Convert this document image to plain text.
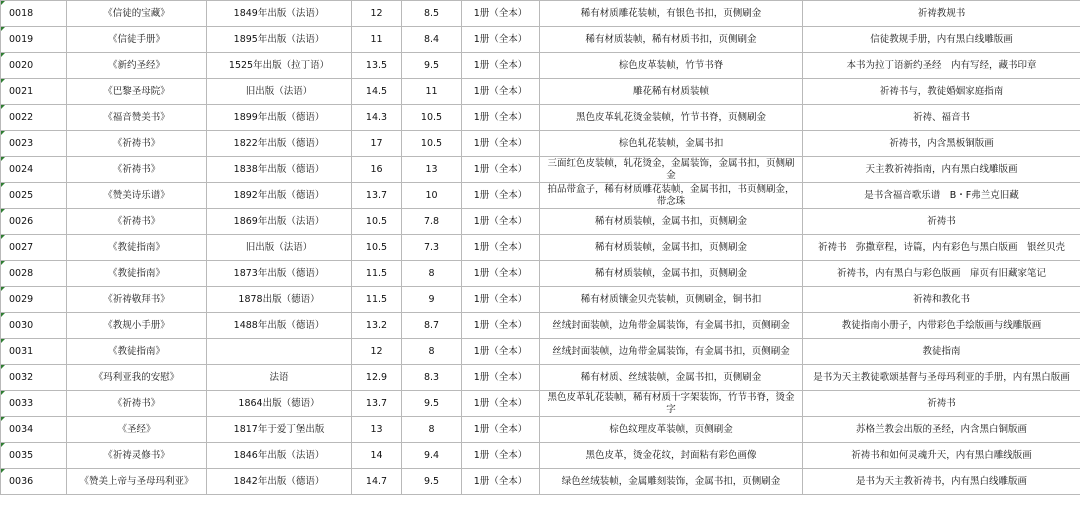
0018	《信徒的宝藏》	1849年出版（法语）	12	8.5	1册（全本）	稀有材质雕花装帧，有银色书扣，页侧刷金	祈祷教规书

0019	《信徒手册》	1895年出版（法语）	11	8.4	1册（全本）	稀有材质装帧，稀有材质书扣，页侧刷金	信徒教规手册，内有黑白线雕版画

0020	《新约圣经》	1525年出版（拉丁语）	13.5	9.5	1册（全本）	棕色皮革装帧，竹节书脊	本书为拉丁语新约圣经　内有写经，藏书印章

0021	《巴黎圣母院》	旧出版（法语）	14.5	11	1册（全本）	雕花稀有材质装帧	祈祷书与，教徒婚姻家庭指南

0022	《福音赞美书》	1899年出版（德语）	14.3	10.5	1册（全本）	黑色皮革轧花烫金装帧，竹节书脊，页侧刷金	祈祷、福音书

0023	《祈祷书》	1822年出版（德语）	17	10.5	1册（全本）	棕色轧花装帧，金属书扣	祈祷书，内含黑板铜版画

0024	《祈祷书》	1838年出版（德语）	16	13	1册（全本）	三面红色皮装帧，轧花烫金，金属装饰，金属书扣，页侧刷金	天主教祈祷指南，内有黑白线雕版画

0025	《赞美诗乐谱》	1892年出版（德语）	13.7	10	1册（全本）	拍品带盒子，稀有材质雕花装帧，金属书扣，书页侧刷金，带念珠	是书含福音歌乐谱　B・F弗兰克旧藏

0026	《祈祷书》	1869年出版（法语）	10.5	7.8	1册（全本）	稀有材质装帧，金属书扣，页侧刷金	祈祷书

0027	《教徒指南》	旧出版（法语）	10.5	7.3	1册（全本）	稀有材质装帧，金属书扣，页侧刷金	祈祷书　弥撒章程，诗篇，内有彩色与黑白版画　银丝贝壳

0028	《教徒指南》	1873年出版（德语）	11.5	8	1册（全本）	稀有材质装帧，金属书扣，页侧刷金	祈祷书，内有黑白与彩色版画　扉页有旧藏家笔记

0029	《祈祷敬拜书》	1878出版（德语）	11.5	9	1册（全本）	稀有材质镶金贝壳装帧，页侧刷金，铜书扣	祈祷和教化书

0030	《教规小手册》	1488年出版（德语）	13.2	8.7	1册（全本）	丝绒封面装帧，边角带金属装饰，有金属书扣，页侧刷金	教徒指南小册子，内带彩色手绘版画与线雕版画

0031	《教徒指南》		12	8	1册（全本）	丝绒封面装帧，边角带金属装饰，有金属书扣，页侧刷金	教徒指南

0032	《玛利亚我的安慰》	法语	12.9	8.3	1册（全本）	稀有材质、丝绒装帧，金属书扣，页侧刷金	是书为天主教徒歌颂基督与圣母玛利亚的手册，内有黑白版画

0033	《祈祷书》	1864出版（德语）	13.7	9.5	1册（全本）	黑色皮革轧花装帧，稀有材质十字架装饰，竹节书脊，烫金字	祈祷书

0034	《圣经》	1817年于爱丁堡出版	13	8	1册（全本）	棕色纹理皮革装帧，页侧刷金	苏格兰教会出版的圣经，内含黑白铜版画

0035	《祈祷灵修书》	1846年出版（法语）	14	9.4	1册（全本）	黑色皮革，烫金花纹，封面粘有彩色画像	祈祷书和如何灵魂升天，内有黑白雕线版画

0036	《赞美上帝与圣母玛利亚》	1842年出版（德语）	14.7	9.5	1册（全本）	绿色丝绒装帧，金属雕刻装饰，金属书扣，页侧刷金	是书为天主教祈祷书，内有黑白线雕版画
